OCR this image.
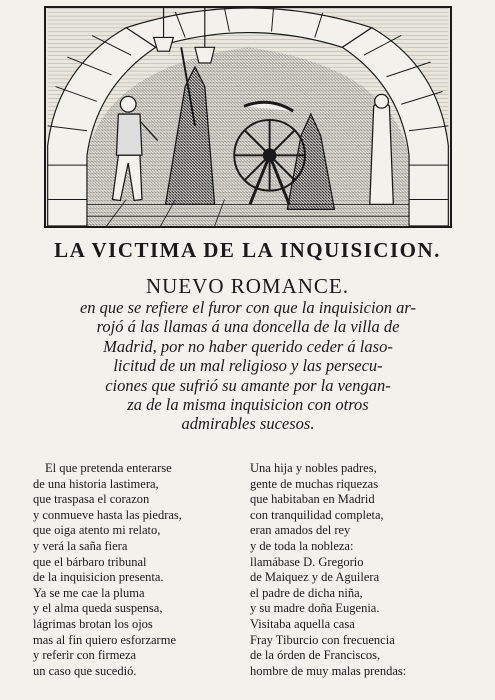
LA VICTIMA DE LA INQUISICION.
NUEVO ROMANCE.
en que se refiere el furor con que la inquisicion ar-
rojó á las llamas á una doncella de la villa de
Madrid, por no haber querido ceder á laso-
licitud de un mal religioso y las persecu-
ciones que sufrió su amante por la vengan-
za de la misma inquisicion con otros
admirables sucesos.
El que pretenda enterarse
de una historia lastimera,
que traspasa el corazon
y conmueve hasta las piedras,
que oiga atento mi relato,
y verá la saña fiera
que el bárbaro tribunal
de la inquisicion presenta.
Ya se me cae la pluma
y el alma queda suspensa,
lágrimas brotan los ojos
mas al fin quiero esforzarme
y referir con firmeza
un caso que sucedió.
Una hija y nobles padres,
gente de muchas riquezas
que habitaban en Madrid
con tranquilidad completa,
eran amados del rey
y de toda la nobleza:
llamábase D. Gregorio
de Maiquez y de Aguilera
el padre de dicha niña,
y su madre doña Eugenia.
Visitaba aquella casa
Fray Tiburcio con frecuencia
de la órden de Franciscos,
hombre de muy malas prendas:
